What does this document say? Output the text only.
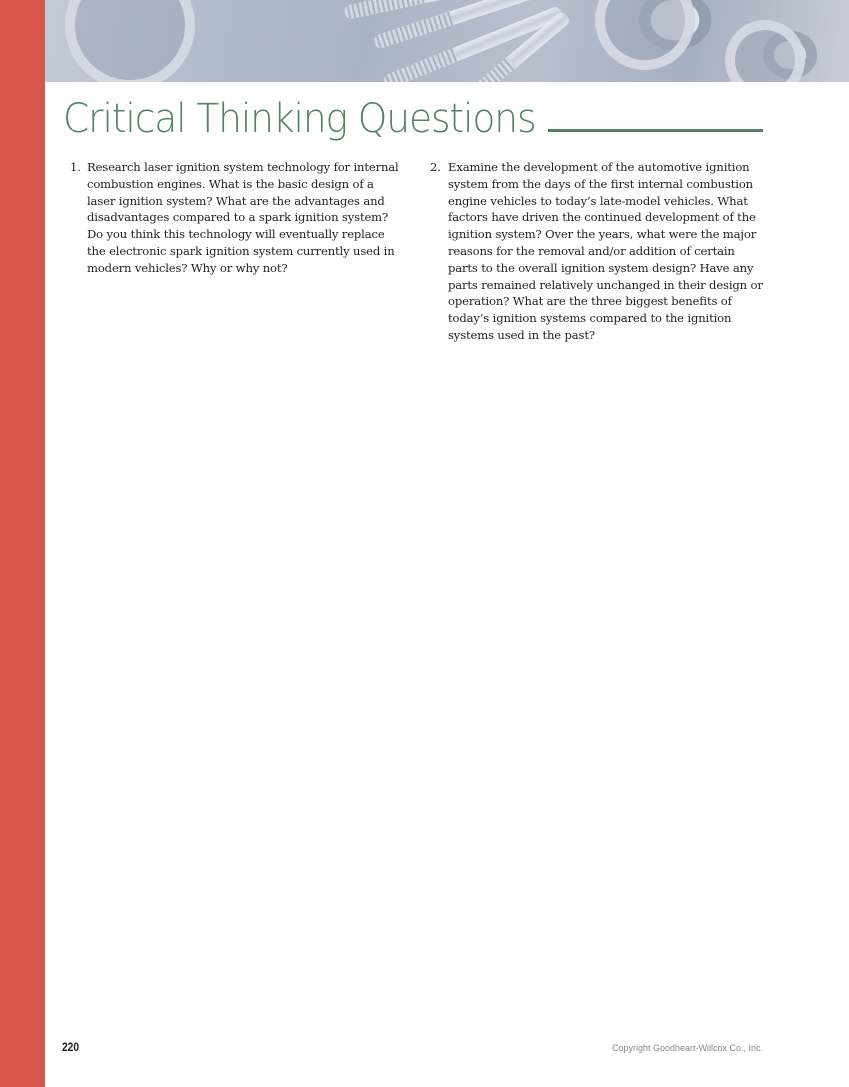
Critical Thinking Questions
1. Research laser ignition system technology for internal combustion engines. What is the basic design of a laser ignition system? What are the advantages and disadvantages compared to a spark ignition system? Do you think this technology will eventually replace the electronic spark ignition system currently used in modern vehicles? Why or why not?
2. Examine the development of the automotive ignition system from the days of the first internal combustion engine vehicles to today’s late-model vehicles. What factors have driven the continued development of the ignition system? Over the years, what were the major reasons for the removal and/or addition of certain parts to the overall ignition system design? Have any parts remained relatively unchanged in their design or operation? What are the three biggest benefits of today’s ignition systems compared to the ignition systems used in the past?
220	Copyright Goodheart-Willcox Co., Inc.
